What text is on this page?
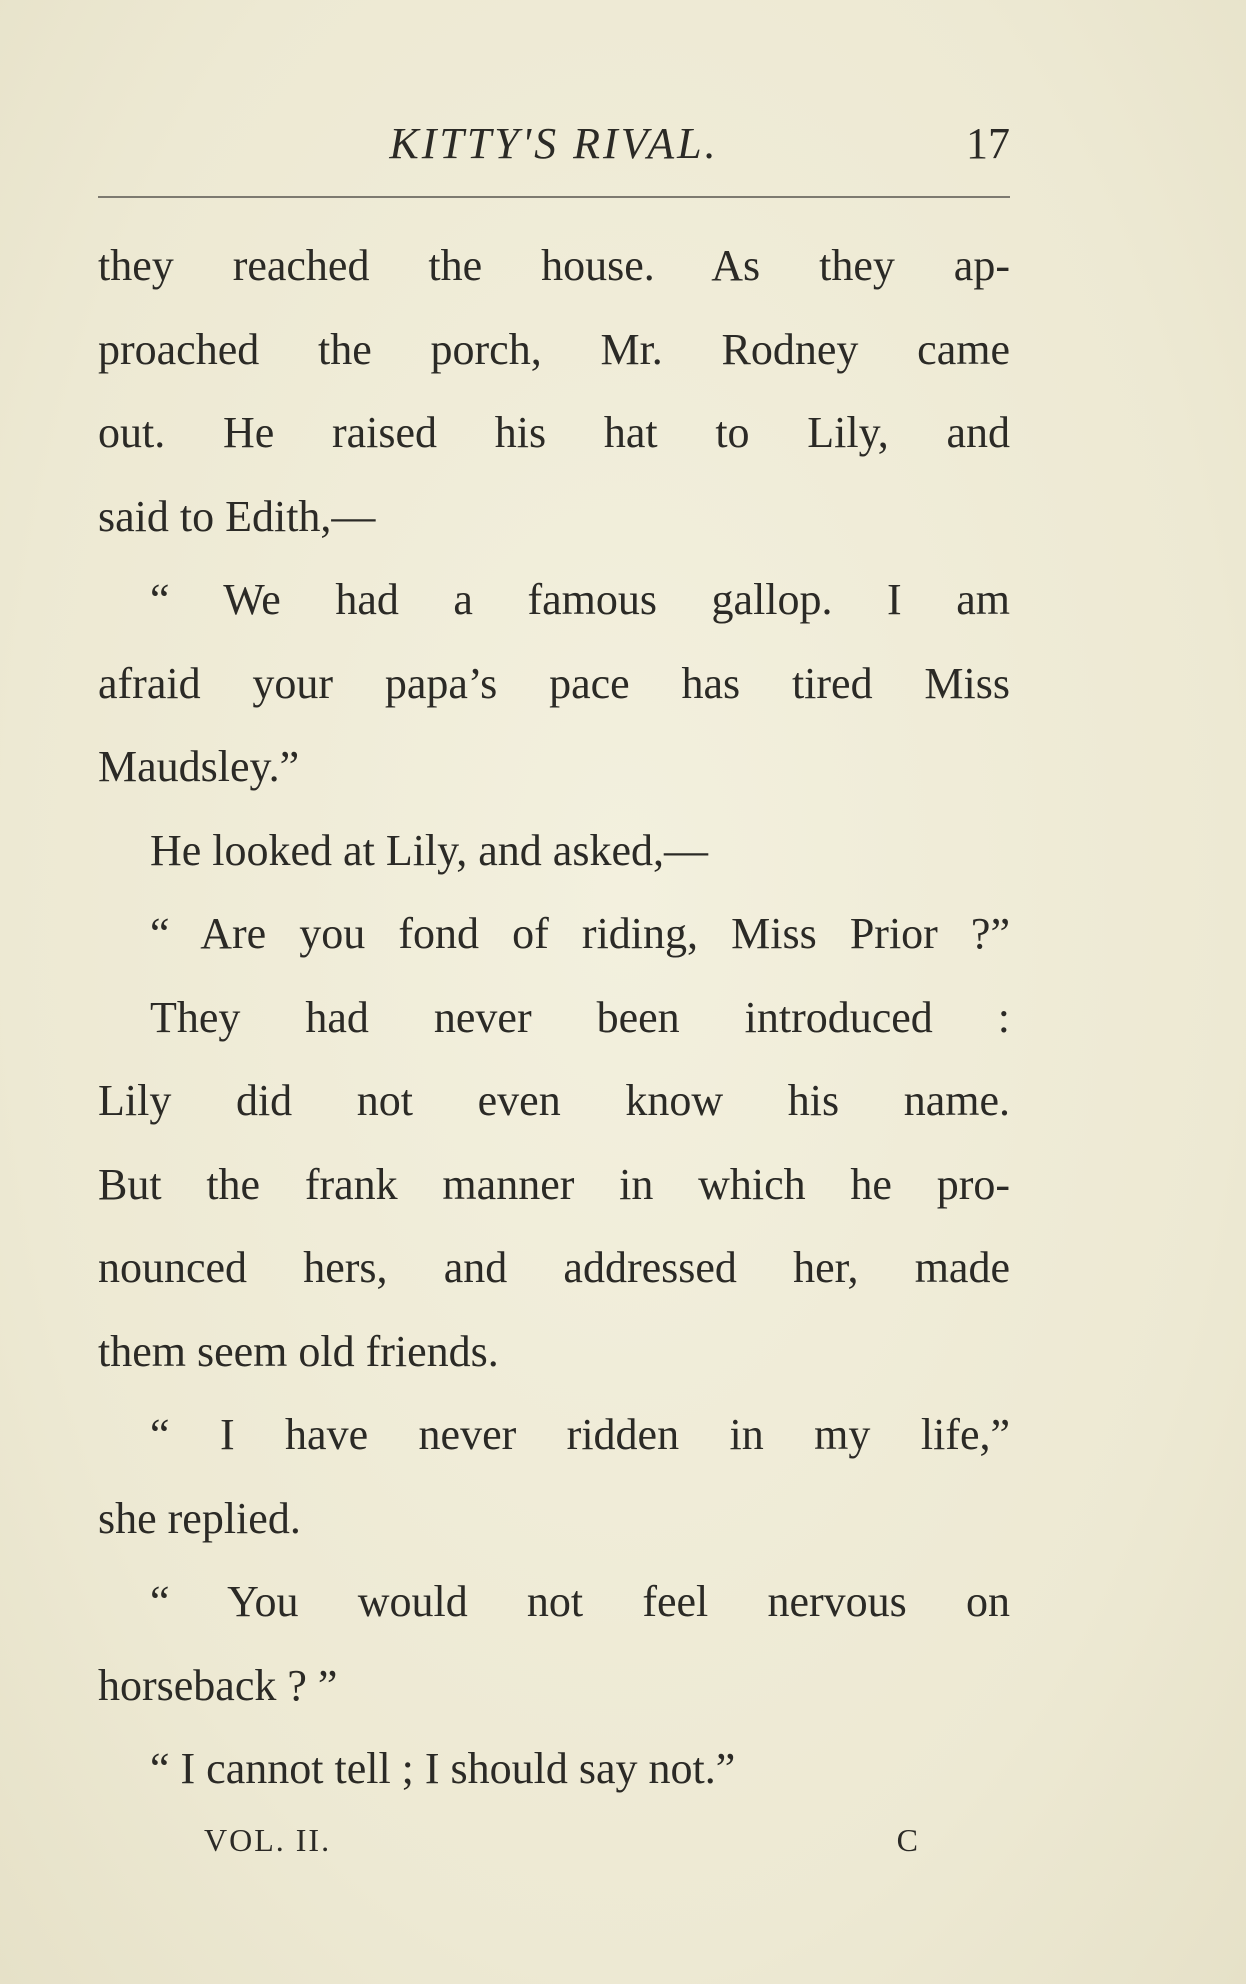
KITTY'S RIVAL.	17
they reached the house. As they ap-
proached the porch, Mr. Rodney came
out. He raised his hat to Lily, and
said to Edith,—
“ We had a famous gallop. I am
afraid your papa’s pace has tired Miss
Maudsley.”
He looked at Lily, and asked,—
“ Are you fond of riding, Miss Prior ?”
They had never been introduced :
Lily did not even know his name.
But the frank manner in which he pro-
nounced hers, and addressed her, made
them seem old friends.
“ I have never ridden in my life,”
she replied.
“ You would not feel nervous on
horseback ? ”
“ I cannot tell ; I should say not.”
VOL. II.	C
